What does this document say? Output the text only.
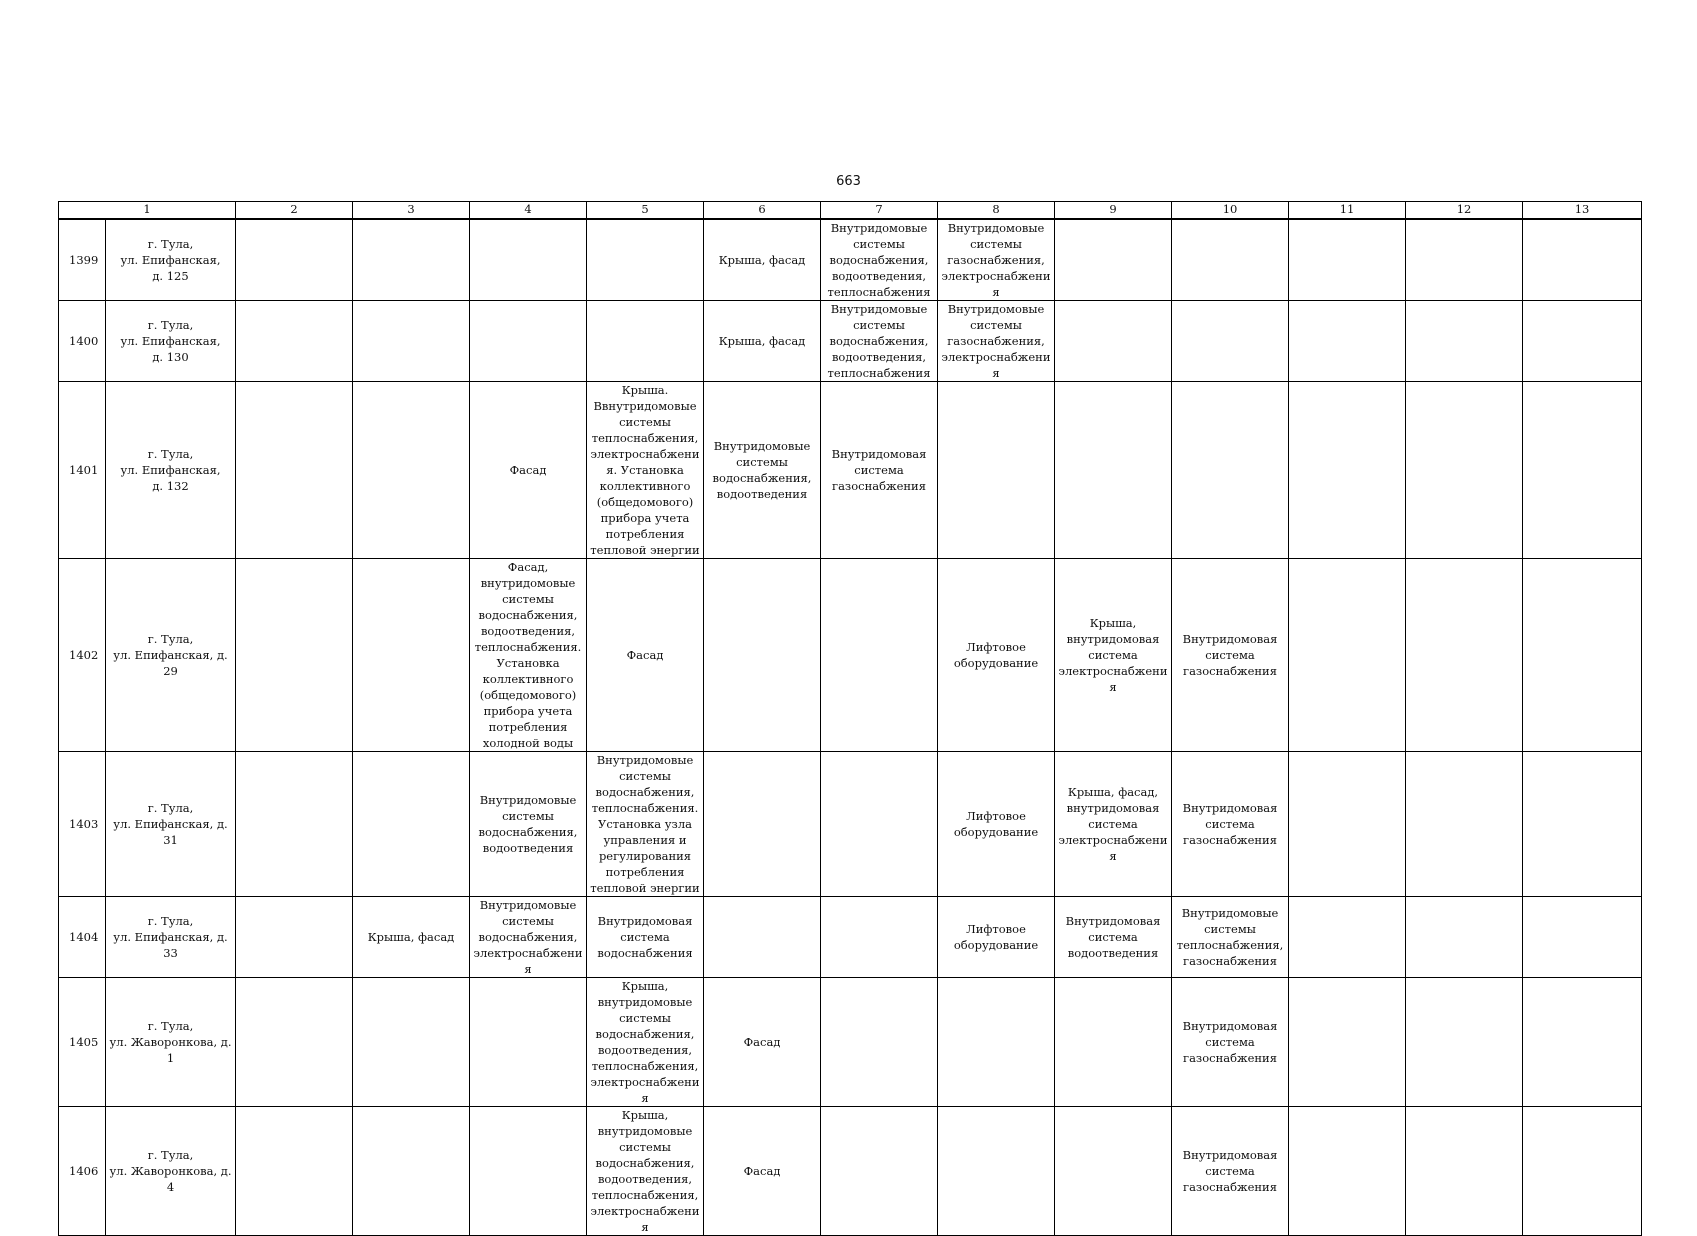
663
1		2	3	4	5	6	7	8	9	10	11	12	13
1399	г. Тула,
ул. Епифанская,
д. 125					Крыша, фасад	Внутридомовые системы водоснабжения, водоотведения, теплоснабжения	Внутридомовые системы газоснабжения, электроснабжения					
1400	г. Тула,
ул. Епифанская,
д. 130					Крыша, фасад	Внутридомовые системы водоснабжения, водоотведения, теплоснабжения	Внутридомовые системы газоснабжения, электроснабжения					
1401	г. Тула,
ул. Епифанская,
д. 132			Фасад	Крыша. Ввнутридомовые системы теплоснабжения, электроснабжения. Установка коллективного (общедомового) прибора учета потребления тепловой энергии	Внутридомовые системы водоснабжения, водоотведения	Внутридомовая система газоснабжения						
1402	г. Тула,
ул. Епифанская, д. 29			Фасад, внутридомовые системы водоснабжения, водоотведения, теплоснабжения. Установка коллективного (общедомового) прибора учета потребления холодной воды	Фасад			Лифтовое оборудование	Крыша, внутридомовая система электроснабжения	Внутридомовая система газоснабжения			
1403	г. Тула,
ул. Епифанская, д. 31			Внутридомовые системы водоснабжения, водоотведения	Внутридомовые системы водоснабжения, теплоснабжения. Установка узла управления и регулирования потребления тепловой энергии			Лифтовое оборудование	Крыша, фасад, внутридомовая система электроснабжения	Внутридомовая система газоснабжения			
1404	г. Тула,
ул. Епифанская, д. 33		Крыша, фасад	Внутридомовые системы водоснабжения, электроснабжения	Внутридомовая система водоснабжения			Лифтовое оборудование	Внутридомовая система водоотведения	Внутридомовые системы теплоснабжения, газоснабжения			
1405	г. Тула,
ул. Жаворонкова, д. 1				Крыша, внутридомовые системы водоснабжения, водоотведения, теплоснабжения, электроснабжения	Фасад				Внутридомовая система газоснабжения			
1406	г. Тула,
ул. Жаворонкова, д. 4				Крыша, внутридомовые системы водоснабжения, водоотведения, теплоснабжения, электроснабжения	Фасад				Внутридомовая система газоснабжения			
